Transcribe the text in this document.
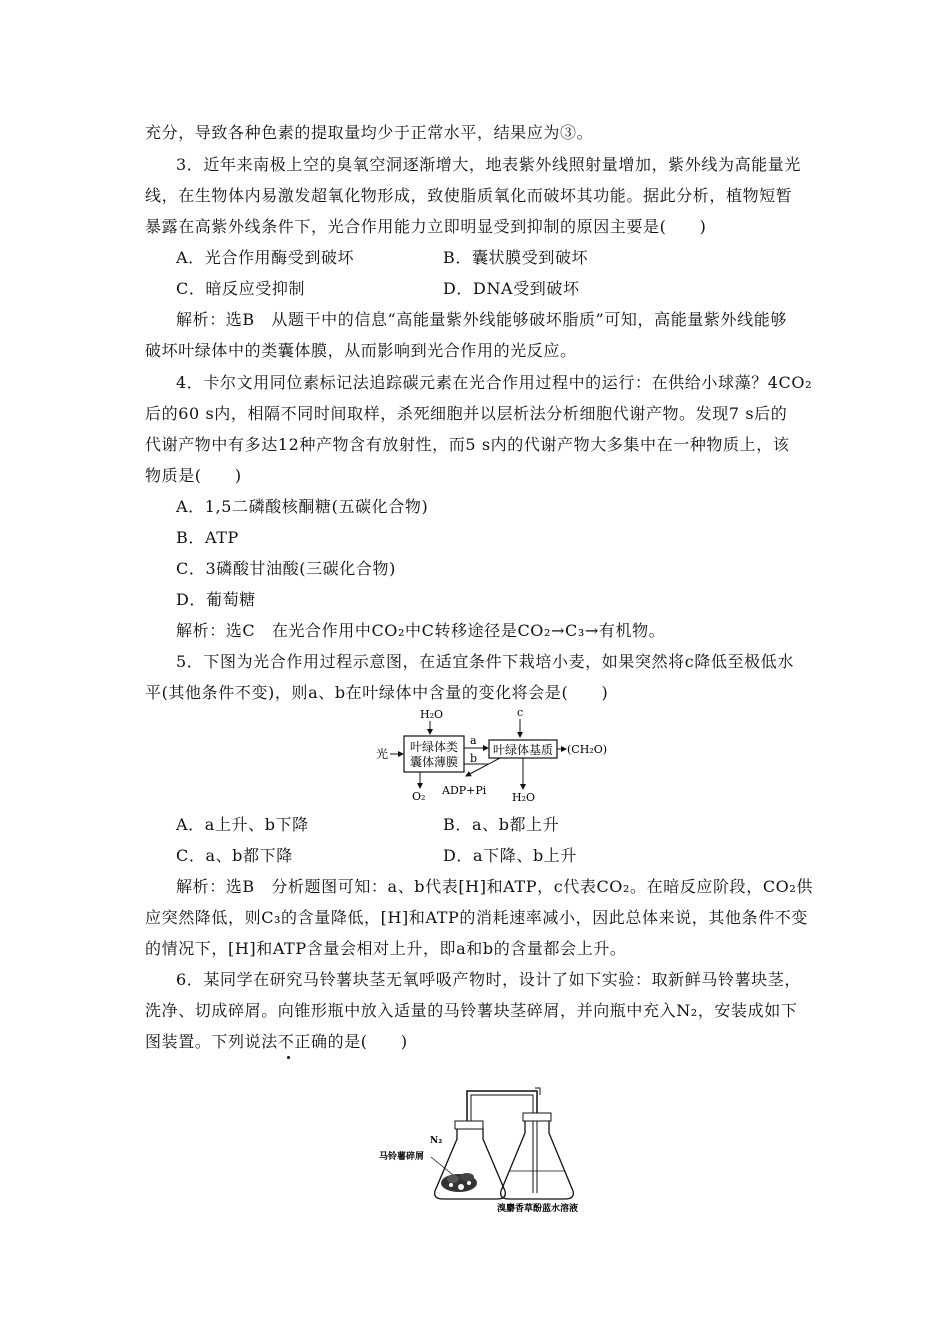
充分，导致各种色素的提取量均少于正常水平，结果应为③。
3．近年来南极上空的臭氧空洞逐渐增大，地表紫外线照射量增加，紫外线为高能量光
线，在生物体内易激发超氧化物形成，致使脂质氧化而破坏其功能。据此分析，植物短暂
暴露在高紫外线条件下，光合作用能力立即明显受到抑制的原因主要是(　　)
A．光合作用酶受到破坏	B．囊状膜受到破坏
C．暗反应受抑制	D．DNA受到破坏
解析：选B　从题干中的信息“高能量紫外线能够破坏脂质”可知，高能量紫外线能够
破坏叶绿体中的类囊体膜，从而影响到光合作用的光反应。
4．卡尔文用同位素标记法追踪碳元素在光合作用过程中的运行：在供给小球藻？4CO₂
后的60 s内，相隔不同时间取样，杀死细胞并以层析法分析细胞代谢产物。发现7 s后的
代谢产物中有多达12种产物含有放射性，而5 s内的代谢产物大多集中在一种物质上，该
物质是(　　)
A．1,5二磷酸核酮糖(五碳化合物)
B．ATP
C．3磷酸甘油酸(三碳化合物)
D．葡萄糖
解析：选C　在光合作用中CO₂中C转移途径是CO₂→C₃→有机物。
5．下图为光合作用过程示意图，在适宜条件下栽培小麦，如果突然将c降低至极低水
平(其他条件不变)，则a、b在叶绿体中含量的变化将会是(　　)
H₂O
光 叶绿体类
囊体薄膜
a
b
c
叶绿体基质 (CH₂O)
O₂ ADP+Pi
H₂O
A．a上升、b下降	B．a、b都上升
C．a、b都下降	D．a下降、b上升
解析：选B　分析题图可知：a、b代表[H]和ATP，c代表CO₂。在暗反应阶段，CO₂供
应突然降低，则C₃的含量降低，[H]和ATP的消耗速率减小，因此总体来说，其他条件不变
的情况下，[H]和ATP含量会相对上升，即a和b的含量都会上升。
6．某同学在研究马铃薯块茎无氧呼吸产物时，设计了如下实验：取新鲜马铃薯块茎，
洗净、切成碎屑。向锥形瓶中放入适量的马铃薯块茎碎屑，并向瓶中充入N₂，安装成如下
图装置。下列说法不正确的是(　　)
N₂
马铃薯碎屑
溴麝香草酚蓝水溶液
